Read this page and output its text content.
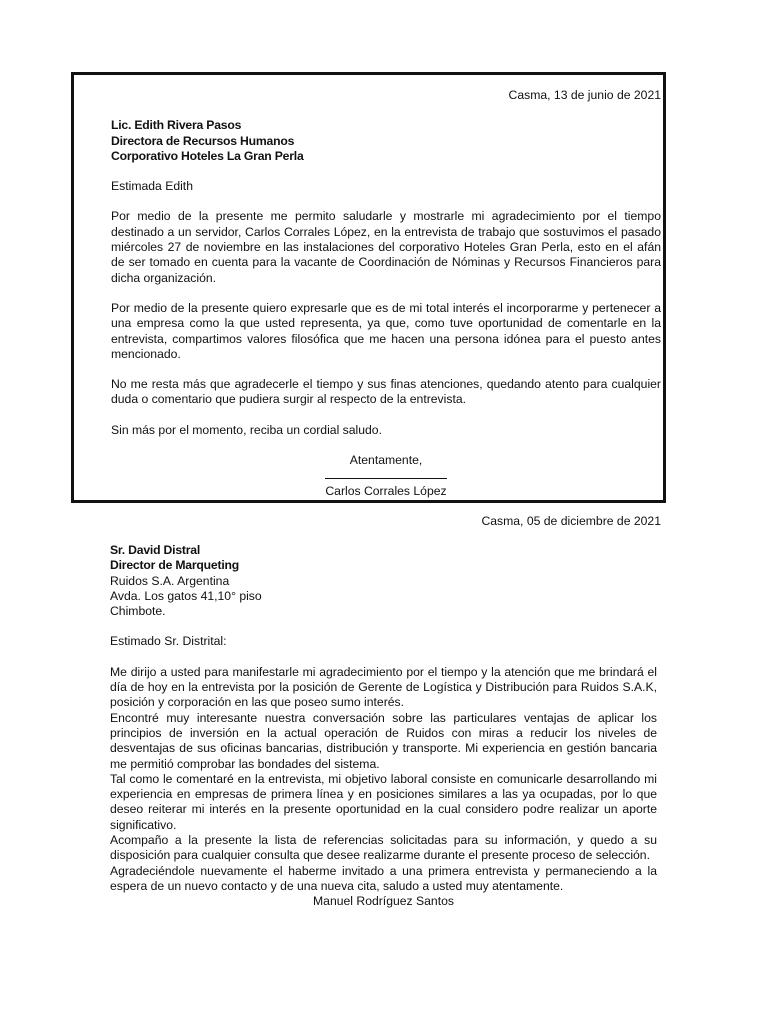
Casma, 13 de junio de 2021

Lic. Edith Rivera Pasos

Directora de Recursos Humanos

Corporativo Hoteles La Gran Perla

Estimada Edith

Por medio de la presente me permito saludarle y mostrarle mi agradecimiento por el tiempo destinado a un servidor, Carlos Corrales López, en la entrevista de trabajo que sostuvimos el pasado miércoles 27 de noviembre en las instalaciones del corporativo Hoteles Gran Perla, esto en el afán de ser tomado en cuenta para la vacante de Coordinación de Nóminas y Recursos Financieros para dicha organización.

Por medio de la presente quiero expresarle que es de mi total interés el incorporarme y pertenecer a una empresa como la que usted representa, ya que, como tuve oportunidad de comentarle en la entrevista, compartimos valores filosófica que me hacen una persona idónea para el puesto antes mencionado.

No me resta más que agradecerle el tiempo y sus finas atenciones, quedando atento para cualquier duda o comentario que pudiera surgir al respecto de la entrevista.

Sin más por el momento, reciba un cordial saludo.

Atentamente,

Carlos Corrales López

Casma, 05 de diciembre de 2021

Sr. David Distral

Director de Marqueting

Ruidos S.A. Argentina

Avda. Los gatos 41,10° piso

Chimbote.

Estimado Sr. Distrital:

Me dirijo a usted para manifestarle mi agradecimiento por el tiempo y la atención que me brindará el día de hoy en la entrevista por la posición de Gerente de Logística y Distribución para Ruidos S.A.K, posición y corporación en las que poseo sumo interés.

Encontré muy interesante nuestra conversación sobre las particulares ventajas de aplicar los principios de inversión en la actual operación de Ruidos con miras a reducir los niveles de desventajas de sus oficinas bancarias, distribución y transporte. Mi experiencia en gestión bancaria me permitió comprobar las bondades del sistema.

Tal como le comentaré en la entrevista, mi objetivo laboral consiste en comunicarle desarrollando mi experiencia en empresas de primera línea y en posiciones similares a las ya ocupadas, por lo que deseo reiterar mi interés en la presente oportunidad en la cual considero podre realizar un aporte significativo.

Acompaño a la presente la lista de referencias solicitadas para su información, y quedo a su disposición para cualquier consulta que desee realizarme durante el presente proceso de selección.

Agradeciéndole nuevamente el haberme invitado a una primera entrevista y permaneciendo a la espera de un nuevo contacto y de una nueva cita, saludo a usted muy atentamente.

Manuel Rodríguez Santos
